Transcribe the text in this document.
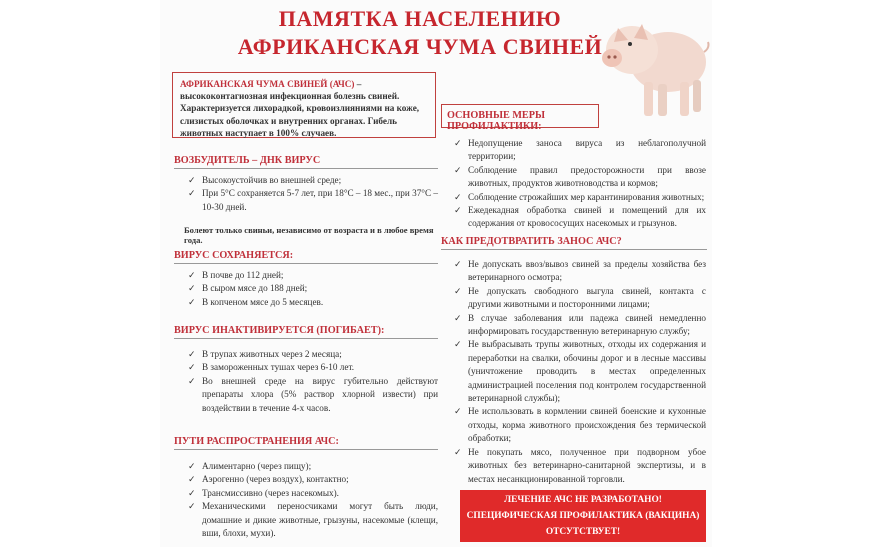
ПАМЯТКА НАСЕЛЕНИЮ
АФРИКАНСКАЯ ЧУМА СВИНЕЙ
АФРИКАНСКАЯ ЧУМА СВИНЕЙ (АЧС) – высококонтагиозная инфекционная болезнь свиней. Характеризуется лихорадкой, кровоизлияниями на коже, слизистых оболочках и внутренних органах. Гибель животных наступает в 100% случаев.
ВОЗБУДИТЕЛЬ – ДНК ВИРУС
✓ Высокоустойчив во внешней среде;
✓ При 5°С сохраняется 5-7 лет, при 18°С – 18 мес., при 37°С – 10-30 дней.
Болеют только свиньи, независимо от возраста и в любое время года.
ВИРУС СОХРАНЯЕТСЯ:
✓ В почве до 112 дней;
✓ В сыром мясе до 188 дней;
✓ В копченом мясе до 5 месяцев.
ВИРУС ИНАКТИВИРУЕТСЯ (ПОГИБАЕТ):
✓ В трупах животных через 2 месяца;
✓ В замороженных тушах через 6-10 лет.
✓ Во внешней среде на вирус губительно действуют препараты хлора (5% раствор хлорной извести) при воздействии в течение 4-х часов.
ПУТИ РАСПРОСТРАНЕНИЯ АЧС:
✓ Алиментарно (через пищу);
✓ Аэрогенно (через воздух), контактно;
✓ Трансмиссивно (через насекомых).
✓ Механическими переносчиками могут быть люди, домашние и дикие животные, грызуны, насекомые (клещи, вши, блохи, мухи).
ОСНОВНЫЕ МЕРЫ ПРОФИЛАКТИКИ:
✓ Недопущение заноса вируса из неблагополучной территории;
✓ Соблюдение правил предосторожности при ввозе животных, продуктов животноводства и кормов;
✓ Соблюдение строжайших мер карантинирования животных;
✓ Ежедекадная обработка свиней и помещений для их содержания от кровососущих насекомых и грызунов.
КАК ПРЕДОТВРАТИТЬ ЗАНОС АЧС?
✓ Не допускать ввоз/вывоз свиней за пределы хозяйства без ветеринарного осмотра;
✓ Не допускать свободного выгула свиней, контакта с другими животными и посторонними лицами;
✓ В случае заболевания или падежа свиней немедленно информировать государственную ветеринарную службу;
✓ Не выбрасывать трупы животных, отходы их содержания и переработки на свалки, обочины дорог и в лесные массивы (уничтожение проводить в местах определенных администрацией поселения под контролем государственной ветеринарной службы);
✓ Не использовать в кормлении свиней боенские и кухонные отходы, корма животного происхождения без термической обработки;
✓ Не покупать мясо, полученное при подворном убое животных без ветеринарно-санитарной экспертизы, и в местах несанкционированной торговли.
ЛЕЧЕНИЕ АЧС НЕ РАЗРАБОТАНО!
СПЕЦИФИЧЕСКАЯ ПРОФИЛАКТИКА (ВАКЦИНА)
ОТСУТСТВУЕТ!
